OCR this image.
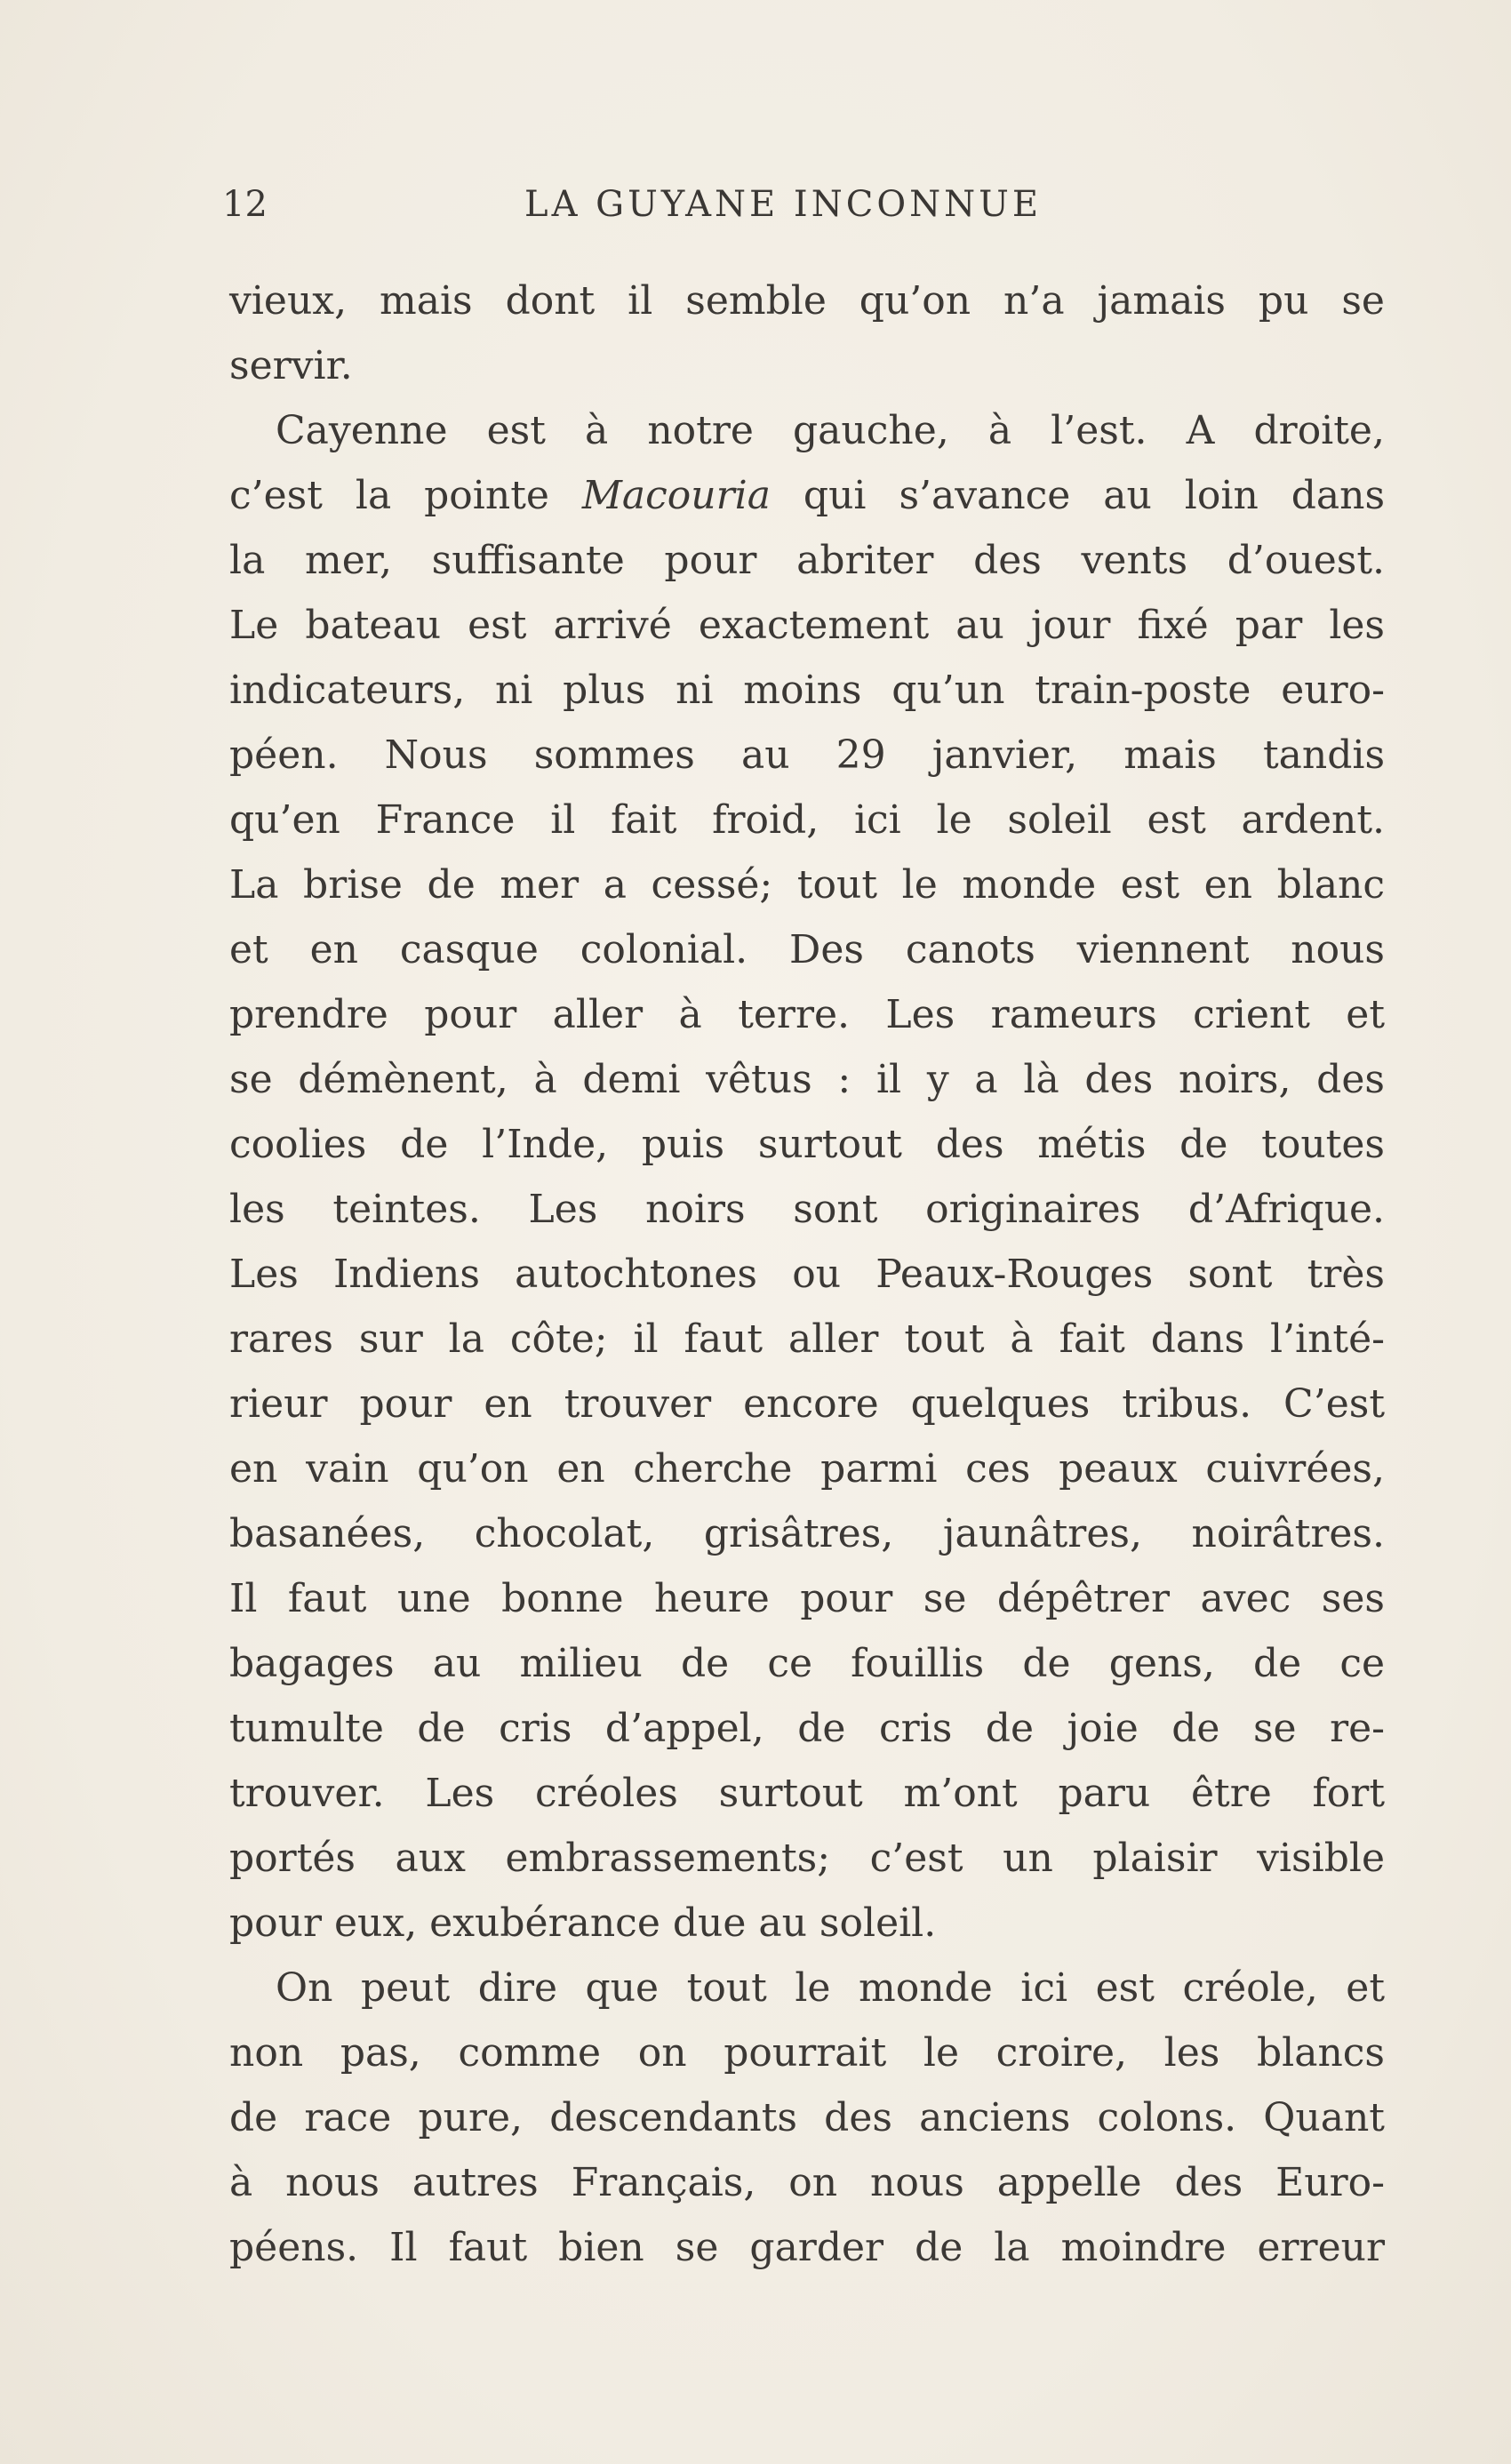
12	LA GUYANE INCONNUE
vieux, mais dont il semble qu’on n’a jamais pu se
servir.
Cayenne est à notre gauche, à l’est. A droite,
c’est la pointe Macouria qui s’avance au loin dans
la mer, suffisante pour abriter des vents d’ouest.
Le bateau est arrivé exactement au jour fixé par les
indicateurs, ni plus ni moins qu’un train-poste euro-
péen. Nous sommes au 29 janvier, mais tandis
qu’en France il fait froid, ici le soleil est ardent.
La brise de mer a cessé; tout le monde est en blanc
et en casque colonial. Des canots viennent nous
prendre pour aller à terre. Les rameurs crient et
se démènent, à demi vêtus : il y a là des noirs, des
coolies de l’Inde, puis surtout des métis de toutes
les teintes. Les noirs sont originaires d’Afrique.
Les Indiens autochtones ou Peaux-Rouges sont très
rares sur la côte; il faut aller tout à fait dans l’inté-
rieur pour en trouver encore quelques tribus. C’est
en vain qu’on en cherche parmi ces peaux cuivrées,
basanées, chocolat, grisâtres, jaunâtres, noirâtres.
Il faut une bonne heure pour se dépêtrer avec ses
bagages au milieu de ce fouillis de gens, de ce
tumulte de cris d’appel, de cris de joie de se re-
trouver. Les créoles surtout m’ont paru être fort
portés aux embrassements; c’est un plaisir visible
pour eux, exubérance due au soleil.
On peut dire que tout le monde ici est créole, et
non pas, comme on pourrait le croire, les blancs
de race pure, descendants des anciens colons. Quant
à nous autres Français, on nous appelle des Euro-
péens. Il faut bien se garder de la moindre erreur
